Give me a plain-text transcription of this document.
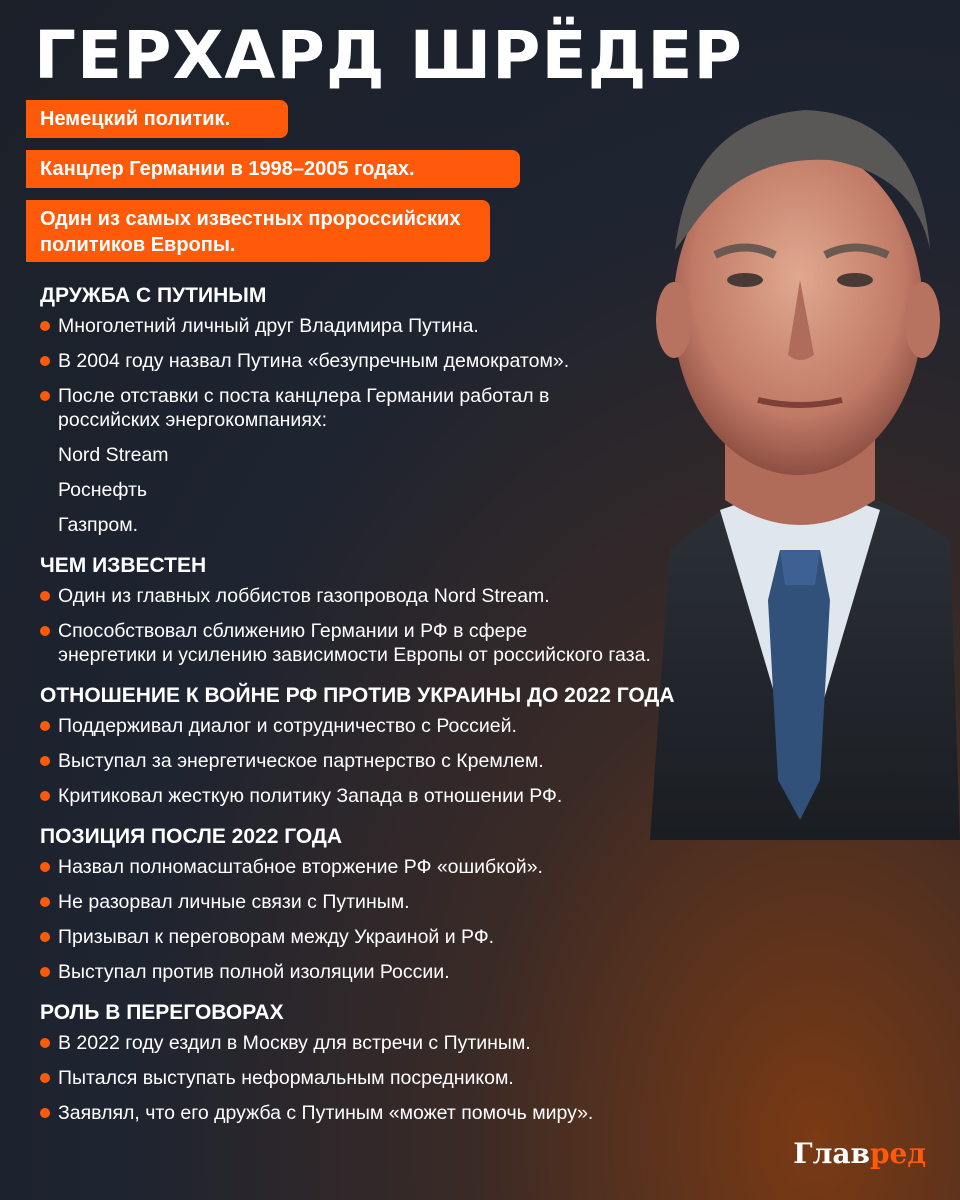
ГЕРХАРД ШРЁДЕР
Немецкий политик.
Канцлер Германии в 1998–2005 годах.
Один из самых известных пророссийских политиков Европы.
ДРУЖБА С ПУТИНЫМ
Многолетний личный друг Владимира Путина.
В 2004 году назвал Путина «безупречным демократом».
После отставки с поста канцлера Германии работал в
российских энергокомпаниях:
Nord Stream
Роснефть
Газпром.
ЧЕМ ИЗВЕСТЕН
Один из главных лоббистов газопровода Nord Stream.
Способствовал сближению Германии и РФ в сфере
энергетики и усилению зависимости Европы от российского газа.
ОТНОШЕНИЕ К ВОЙНЕ РФ ПРОТИВ УКРАИНЫ ДО 2022 ГОДА
Поддерживал диалог и сотрудничество с Россией.
Выступал за энергетическое партнерство с Кремлем.
Критиковал жесткую политику Запада в отношении РФ.
ПОЗИЦИЯ ПОСЛЕ 2022 ГОДА
Назвал полномасштабное вторжение РФ «ошибкой».
Не разорвал личные связи с Путиным.
Призывал к переговорам между Украиной и РФ.
Выступал против полной изоляции России.
РОЛЬ В ПЕРЕГОВОРАХ
В 2022 году ездил в Москву для встречи с Путиным.
Пытался выступать неформальным посредником.
Заявлял, что его дружба с Путиным «может помочь миру».
Главред
